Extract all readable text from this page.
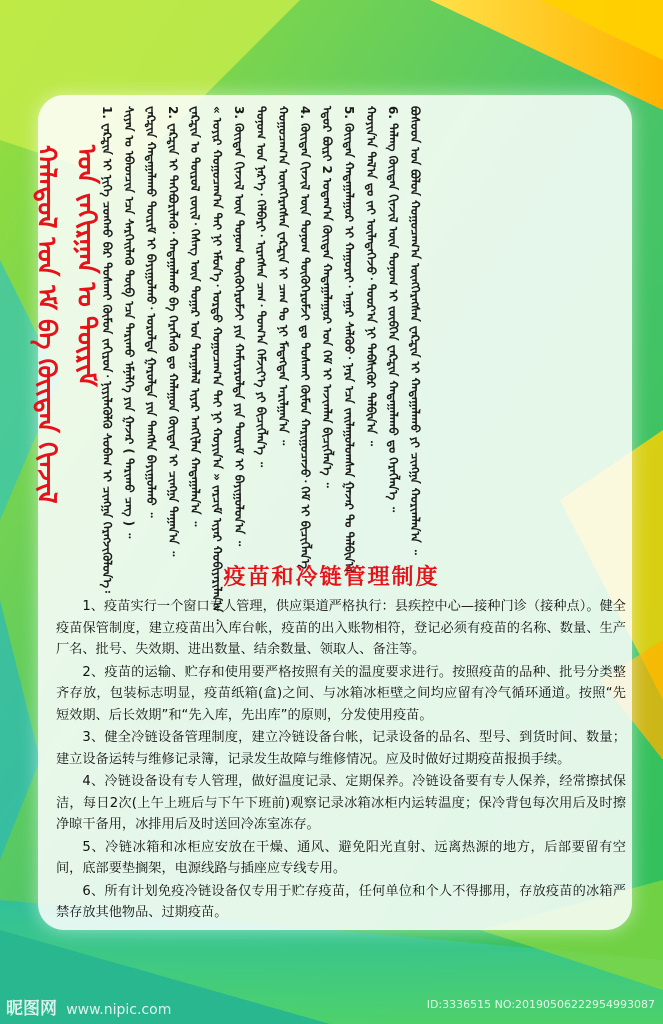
ᠬᠠᠯᠠᠳᠤᠯ ᠤᠨ ᠡᠮ ᠪᠠ ᠬᠦᠢᠲᠡᠨ ᠭᠢᠨᠵᠢᠯ ᠤᠨ ᠵᠠᠬᠢᠷᠭᠠᠨ ᠤ ᠳᠦᠷᠢᠮ 1. ᠸᠠᠺᠼᠢᠨ ᠢ ᠨᠢᠭᠡ ᠴᠣᠩᠬᠣ ᠪᠠᠷ ᠲᠤᠰᠬᠠᠢ ᠬᠦᠮᠦᠨ ᠵᠠᠬᠢᠷᠤᠨ᠂ ᠨᠢᠶᠢᠯᠡᠭᠦᠯᠬᠦ ᠰᠤᠪᠠᠭ ᠢ ᠴᠢᠩᠭᠠ ᠬᠡᠷᠡᠭᠵᠢᠭᠦᠯᠦᠨ᠎ᠡ᠄ ᠰᠢᠶᠠᠨ ᠤ ᠡᠪᠡᠳᠴᠢᠨ ᠡᠴᠡ ᠰᠡᠷᠭᠡᠢᠯᠡᠬᠦ ᠲᠥᠪ ᠡᠴᠡ ᠲᠠᠷᠢᠬᠤ ᠡᠮᠨᠡᠯᠭᠡ ᠶᠢᠨ ᠭᠠᠵᠠᠷ ( ᠲᠠᠷᠢᠬᠤ ᠴᠡᠭ ) ᠃ ᠸᠠᠺᠼᠢᠨ ᠬᠠᠳᠠᠭᠠᠯᠠᠬᠤ ᠳᠦᠷᠢᠮ ᠢ ᠪᠠᠶᠢᠭᠤᠯᠬᠤ᠂ ᠤᠷᠤᠯᠲᠠ ᠭᠠᠷᠤᠯᠲᠠ ᠶᠢᠨ ᠳᠠᠩᠰᠠ ᠪᠠᠶᠢᠭᠤᠯᠬᠤ ᠃ 2. ᠸᠠᠺᠼᠢᠨ ᠢ ᠲᠡᠭᠡᠪᠦᠷᠢᠯᠡᠬᠦ᠂ ᠬᠠᠳᠠᠭᠠᠯᠠᠬᠤ ᠪᠠ ᠬᠡᠷᠡᠭᠯᠡᠬᠦ ᠳᠤ ᠬᠠᠯᠠᠭᠤᠨ ᠬᠦᠢᠲᠡᠨ ᠢ ᠴᠢᠩᠭᠠ ᠳᠠᠭᠠᠨ᠎ᠠ ᠃ ᠸᠠᠺᠼᠢᠨ ᠤ ᠲᠥᠷᠥᠯ ᠵᠦᠢᠯ᠂ ᠬᠡᠰᠡᠭ ᠦᠨ ᠳᠤᠭᠠᠷ ᠤᠨ ᠳᠠᠷᠠᠭᠠᠯᠠᠯ ᠢᠶᠠᠷ ᠠᠩᠭᠢᠯᠠᠨ ᠬᠠᠳᠠᠭᠠᠯᠠᠨ᠎ᠠ ᠃ « ᠣᠶᠢᠷ ᠬᠤᠭᠤᠴᠠᠭ᠎ᠠ ᠲᠠᠢ ᠨᠢ ᠡᠮᠦᠨ᠎ᠡ᠂ ᠤᠷᠲᠤ ᠬᠤᠭᠤᠴᠠᠭ᠎ᠠ ᠲᠠᠢ ᠨᠢ ᠬᠣᠶᠢᠨ᠎ᠠ » ᠵᠠᠷᠴᠢᠮ ᠢᠶᠠᠷ ᠬᠤᠪᠢᠶᠠᠷᠢᠯᠠᠨ᠎ᠠ ᠃ 3. ᠬᠦᠢᠲᠡᠨ ᠭᠢᠨᠵᠢᠯ ᠦᠨ ᠲᠣᠨᠤᠭ ᠲᠥᠬᠥᠭᠡᠷᠦᠮᠵᠢ ᠶᠢᠨ ᠬᠠᠮᠢᠶᠠᠷᠤᠯᠲᠠ ᠶᠢᠨ ᠳᠦᠷᠢᠮ ᠢ ᠪᠠᠶᠢᠭᠤᠯᠤᠨ᠎ᠠ ᠃ ᠲᠣᠨᠤᠭ ᠤᠨ ᠨᠡᠷ᠎ᠡ᠂ ᠬᠡᠯᠪᠡᠷᠢ᠂ ᠢᠷᠡᠭᠰᠡᠨ ᠴᠠᠭ᠂ ᠲᠣᠭ᠎ᠠ ᠬᠡᠮᠵᠢᠶ᠎ᠡ ᠶᠢ ᠪᠢᠴᠢᠭᠯᠡᠨ᠎ᠡ ᠃ ᠬᠤᠭᠤᠴᠠᠭ᠎ᠠ ᠥᠩᠭᠡᠷᠡᠭᠰᠡᠨ ᠸᠠᠺᠼᠢᠨ ᠢ ᠴᠠᠭ ᠲᠤ ᠨᠢ ᠮᠡᠳᠡᠭᠳᠡᠨ ᠠᠷᠢᠯᠭᠠᠨ᠎ᠠ ᠃ 4. ᠬᠦᠢᠲᠡᠨ ᠭᠢᠨᠵᠢᠯ ᠦᠨ ᠲᠣᠨᠤᠭ ᠲᠥᠬᠥᠭᠡᠷᠦᠮᠵᠢ ᠳᠤ ᠲᠤᠰᠬᠠᠢ ᠬᠦᠮᠦᠨ ᠬᠠᠷᠢᠭᠤᠴᠠᠵᠤ᠂ ᠬᠡᠮ ᠢ ᠪᠢᠴᠢᠭᠯᠡᠨ᠎ᠡ ᠃ ᠡᠳᠦᠷ ᠪᠦᠷᠢ 2 ᠤᠳᠠᠭ᠎ᠠ ᠬᠦᠢᠲᠡᠨ ᠬᠠᠳᠠᠭᠠᠯᠠᠭᠤᠷ ᠤᠨ ᠬᠡᠮ ᠢ ᠠᠵᠢᠭᠯᠠᠨ ᠪᠢᠴᠢᠭᠯᠡᠨ᠎ᠡ ᠃ 5. ᠬᠦᠢᠲᠡᠨ ᠬᠠᠳᠠᠭᠠᠯᠠᠭᠤᠷ ᠢ ᠬᠠᠭᠤᠷᠠᠢ᠂ ᠠᠭᠠᠷ ᠰᠡᠯᠭᠦᠦ᠂ ᠨᠠᠷᠠ ᠡᠴᠡ ᠵᠠᠢᠯᠠᠭᠤᠯᠤᠭᠰᠠᠨ ᠭᠠᠵᠠᠷ ᠲᠤ ᠲᠠᠯᠪᠢᠨ᠎ᠠ ᠃ ᠬᠣᠶᠢᠨ᠎ᠠ ᠲᠠᠯ᠎ᠠ ᠳᠤ ᠵᠠᠢ ᠦᠯᠡᠳᠡᠭᠡᠵᠦ᠂ ᠳᠣᠣᠷ᠎ᠠ ᠨᠢ ᠳᠡᠪᠰᠢᠭᠦᠷ ᠲᠠᠯᠪᠢᠨ᠎ᠠ ᠃ 6. ᠳᠠᠯᠠᠩ ᠬᠦᠢᠲᠡᠨ ᠭᠢᠨᠵᠢᠯ ᠦᠨ ᠲᠣᠨᠤᠭ ᠢ ᠵᠥᠪᠬᠡᠨ ᠸᠠᠺᠼᠢᠨ ᠬᠠᠳᠠᠭᠠᠯᠠᠬᠤ ᠳᠤ ᠬᠡᠷᠡᠭᠯᠡᠨ᠎ᠡ ᠃ ᠪᠤᠰᠤᠳ ᠡᠳ ᠪᠣᠯᠤᠨ ᠬᠤᠭᠤᠴᠠᠭ᠎ᠠ ᠥᠩᠭᠡᠷᠡᠭᠰᠡᠨ ᠸᠠᠺᠼᠢᠨ ᠢ ᠬᠠᠳᠠᠭᠠᠯᠠᠬᠤ ᠶᠢ ᠴᠢᠩᠭᠠ ᠬᠣᠷᠢᠭᠯᠠᠨ᠎ᠠ ᠃
疫苗和冷链管理制度

1、疫苗实行一个窗口专人管理，供应渠道严格执行：县疾控中心—接种门诊（接种点）。健全疫苗保管制度，建立疫苗出入库台帐，疫苗的出入账物相符，登记必须有疫苗的名称、数量、生产厂名、批号、失效期、进出数量、结余数量、领取人、备注等。

2、疫苗的运输、贮存和使用要严格按照有关的温度要求进行。按照疫苗的品种、批号分类整齐存放，包装标志明显，疫苗纸箱(盒)之间、与冰箱冰柜壁之间均应留有冷气循环通道。按照“先短效期、后长效期”和“先入库，先出库”的原则，分发使用疫苗。

3、健全冷链设备管理制度，建立冷链设备台帐，记录设备的品名、型号、到货时间、数量；建立设备运转与维修记录簿，记录发生故障与维修情况。应及时做好过期疫苗报损手续。

4、冷链设备设有专人管理，做好温度记录、定期保养。冷链设备要有专人保养，经常擦拭保洁，每日2次(上午上班后与下午下班前)观察记录冰箱冰柜内运转温度；保冷背包每次用后及时擦净晾干备用，冰排用后及时送回冷冻室冻存。

5、冷链冰箱和冰柜应安放在干燥、通风、避免阳光直射、远离热源的地方，后部要留有空间，底部要垫搁架，电源线路与插座应专线专用。

6、所有计划免疫冷链设备仅专用于贮存疫苗，任何单位和个人不得挪用，存放疫苗的冰箱严禁存放其他物品、过期疫苗。

昵图网 www.nipic.com	ID:3336515 NO:20190506222954993087
